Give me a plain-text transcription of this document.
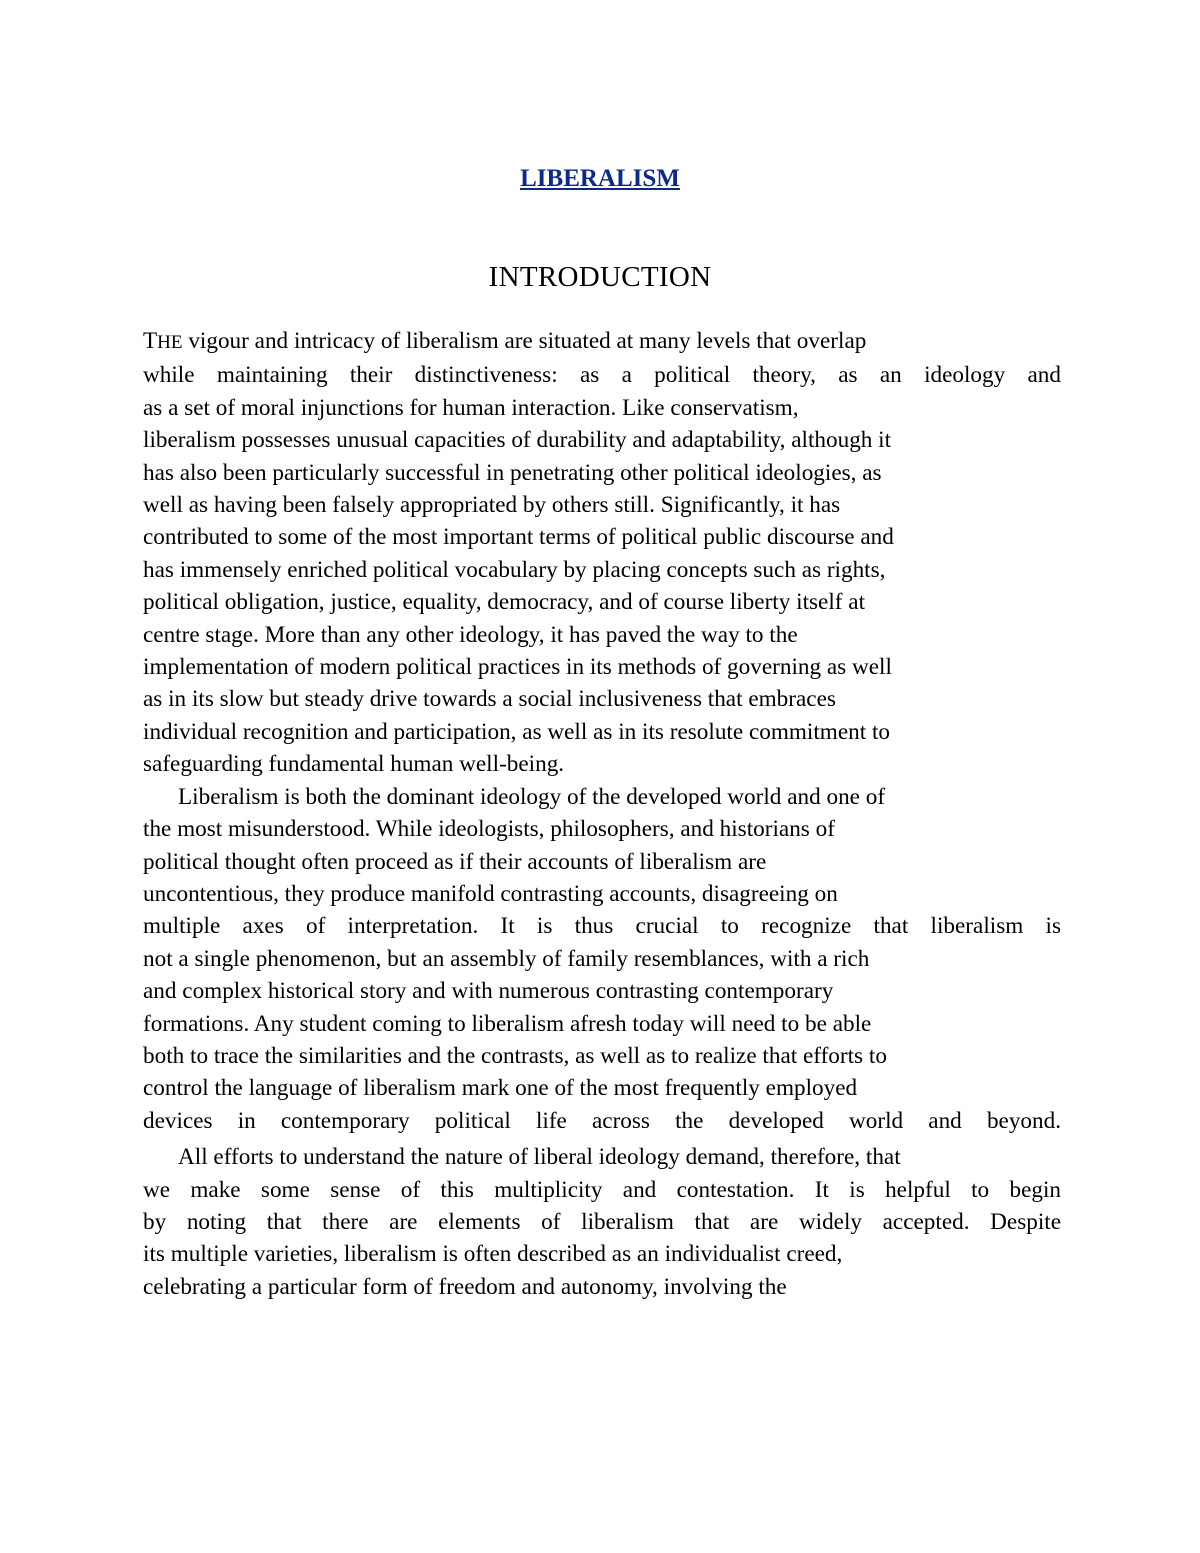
LIBERALISM
INTRODUCTION

THE vigour and intricacy of liberalism are situated at many levels that overlap
while maintaining their distinctiveness: as a political theory, as an ideology and
as a set of moral injunctions for human interaction. Like conservatism,
liberalism possesses unusual capacities of durability and adaptability, although it
has also been particularly successful in penetrating other political ideologies, as
well as having been falsely appropriated by others still. Significantly, it has
contributed to some of the most important terms of political public discourse and
has immensely enriched political vocabulary by placing concepts such as rights,
political obligation, justice, equality, democracy, and of course liberty itself at
centre stage. More than any other ideology, it has paved the way to the
implementation of modern political practices in its methods of governing as well
as in its slow but steady drive towards a social inclusiveness that embraces
individual recognition and participation, as well as in its resolute commitment to
safeguarding fundamental human well-being.

Liberalism is both the dominant ideology of the developed world and one of
the most misunderstood. While ideologists, philosophers, and historians of
political thought often proceed as if their accounts of liberalism are
uncontentious, they produce manifold contrasting accounts, disagreeing on
multiple axes of interpretation. It is thus crucial to recognize that liberalism is
not a single phenomenon, but an assembly of family resemblances, with a rich
and complex historical story and with numerous contrasting contemporary
formations. Any student coming to liberalism afresh today will need to be able
both to trace the similarities and the contrasts, as well as to realize that efforts to
control the language of liberalism mark one of the most frequently employed
devices in contemporary political life across the developed world and beyond.

All efforts to understand the nature of liberal ideology demand, therefore, that
we make some sense of this multiplicity and contestation. It is helpful to begin
by noting that there are elements of liberalism that are widely accepted. Despite
its multiple varieties, liberalism is often described as an individualist creed,
celebrating a particular form of freedom and autonomy, involving the
